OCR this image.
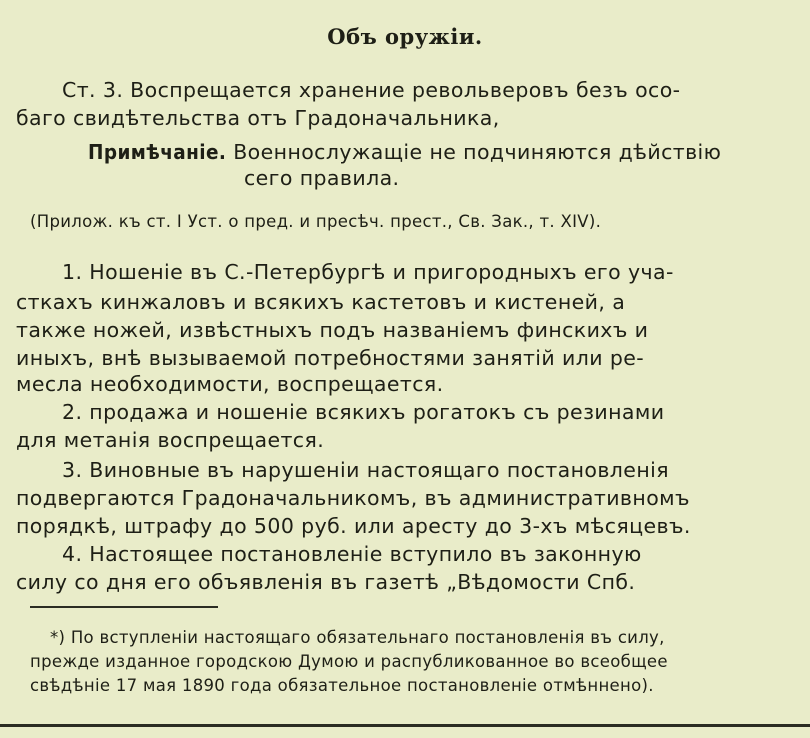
Объ оружіи.
Ст. 3. Воспрещается хранение револьверовъ безъ осо-
баго свидѣтельства отъ Градоначальника,
Примѣчаніе. Военнослужащіе не подчиняются дѣйствію
сего правила.
(Прилож. къ ст. I Уст. о пред. и пресѣч. прест., Св. Зак., т. XIV).
1. Ношеніе въ С.-Петербургѣ и пригородныхъ его уча-
сткахъ кинжаловъ и всякихъ кастетовъ и кистеней, а
также ножей, извѣстныхъ подъ названіемъ финскихъ и
иныхъ, внѣ вызываемой потребностями занятій или ре-
месла необходимости, воспрещается.
2. продажа и ношеніе всякихъ рогатокъ съ резинами
для метанія воспрещается.
3. Виновные въ нарушеніи настоящаго постановленія
подвергаются Градоначальникомъ, въ административномъ
порядкѣ, штрафу до 500 руб. или аресту до 3-хъ мѣсяцевъ.
4. Настоящее постановленіе вступило въ законную
силу со дня его объявленія въ газетѣ „Вѣдомости Спб.
*) По вступленіи настоящаго обязательнаго постановленія въ силу,
прежде изданное городскою Думою и распубликованное во всеобщее
свѣдѣніе 17 мая 1890 года обязательное постановленіе отмѣннено).
